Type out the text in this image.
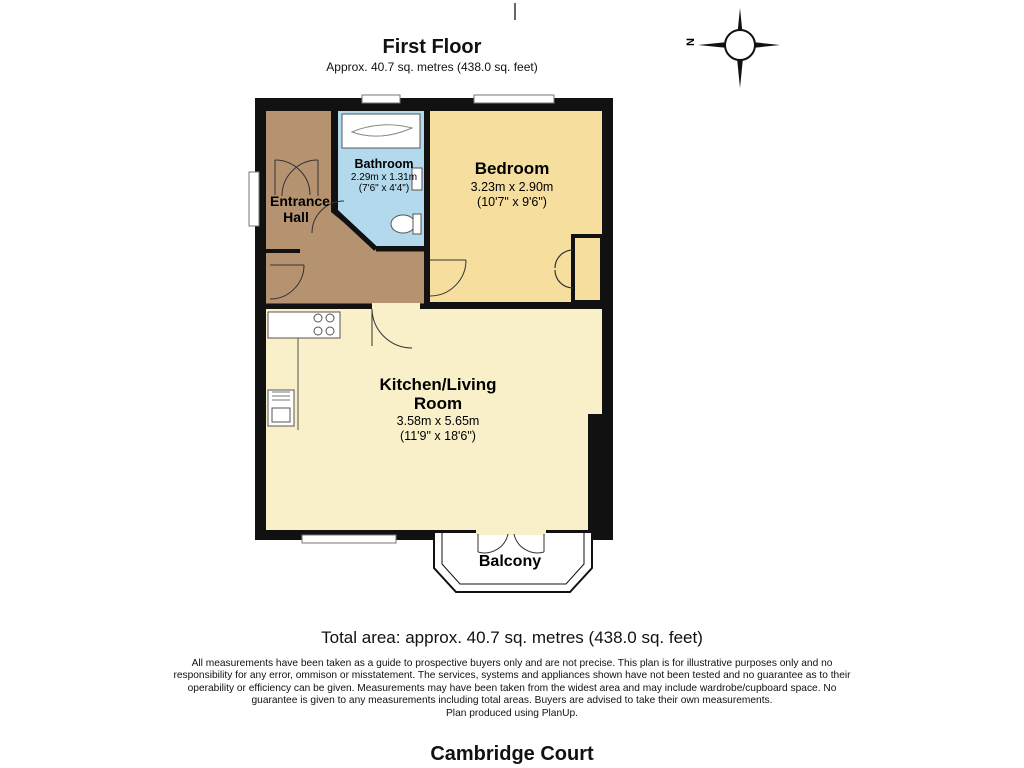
First Floor
Approx. 40.7 sq. metres (438.0 sq. feet)
N
Entrance
Hall
Bathroom
2.29m x 1.31m
(7'6" x 4'4")
Bedroom
3.23m x 2.90m
(10'7" x 9'6")
Kitchen/Living
Room
3.58m x 5.65m
(11'9" x 18'6")
Balcony
Total area: approx. 40.7 sq. metres (438.0 sq. feet)
All measurements have been taken as a guide to prospective buyers only and are not precise. This plan is for illustrative purposes only and no responsibility for any error, ommison or misstatement. The services, systems and appliances shown have not been tested and no guarantee as to their operability or efficiency can be given. Measurements may have been taken from the widest area and may include wardrobe/cupboard space. No guarantee is given to any measurements including total areas. Buyers are advised to take their own measurements.
Plan produced using PlanUp.
Cambridge Court
